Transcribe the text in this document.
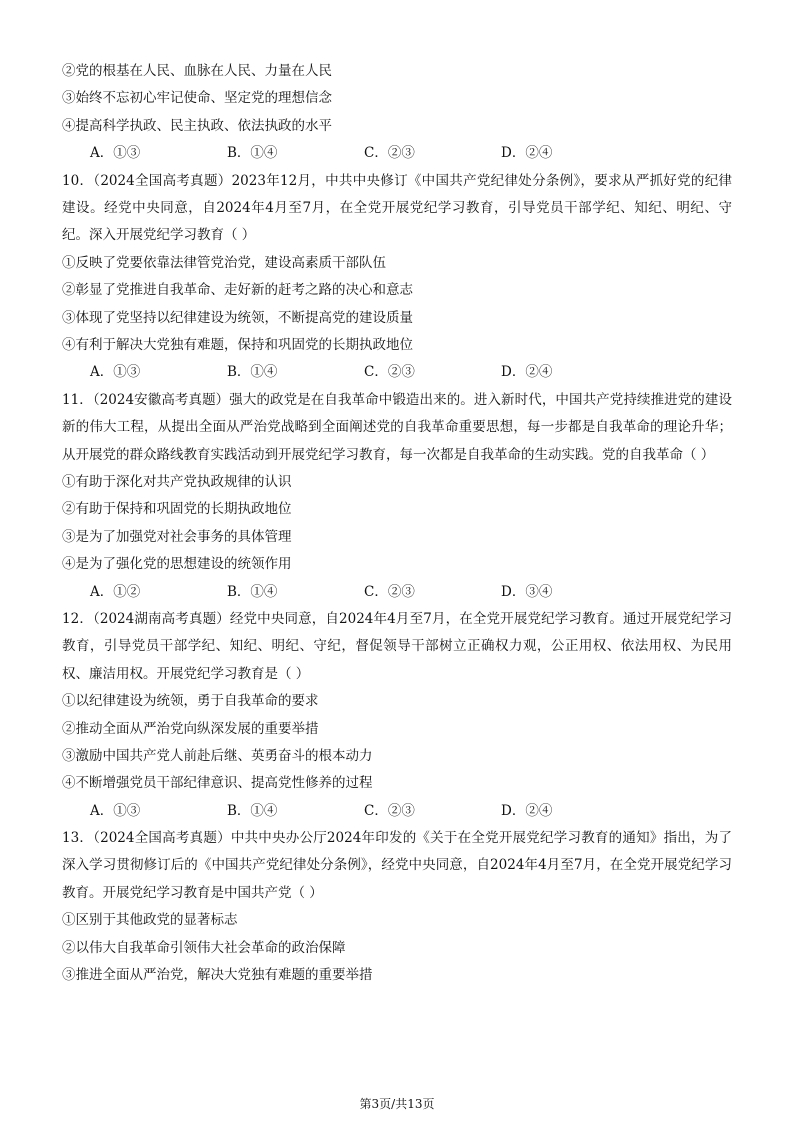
②党的根基在人民、血脉在人民、力量在人民
③始终不忘初心牢记使命、坚定党的理想信念
④提高科学执政、民主执政、依法执政的水平
A．①③	B．①④	C．②③	D．②④
10．（2024全国高考真题）2023年12月，中共中央修订《中国共产党纪律处分条例》，要求从严抓好党的纪律建设。经党中央同意，自2024年4月至7月，在全党开展党纪学习教育，引导党员干部学纪、知纪、明纪、守纪。深入开展党纪学习教育（ ）
①反映了党要依靠法律管党治党，建设高素质干部队伍
②彰显了党推进自我革命、走好新的赶考之路的决心和意志
③体现了党坚持以纪律建设为统领，不断提高党的建设质量
④有利于解决大党独有难题，保持和巩固党的长期执政地位
A．①③	B．①④	C．②③	D．②④
11．（2024安徽高考真题）强大的政党是在自我革命中锻造出来的。进入新时代，中国共产党持续推进党的建设新的伟大工程，从提出全面从严治党战略到全面阐述党的自我革命重要思想，每一步都是自我革命的理论升华；从开展党的群众路线教育实践活动到开展党纪学习教育，每一次都是自我革命的生动实践。党的自我革命（ ）
①有助于深化对共产党执政规律的认识
②有助于保持和巩固党的长期执政地位
③是为了加强党对社会事务的具体管理
④是为了强化党的思想建设的统领作用
A．①②	B．①④	C．②③	D．③④
12．（2024湖南高考真题）经党中央同意，自2024年4月至7月，在全党开展党纪学习教育。通过开展党纪学习教育，引导党员干部学纪、知纪、明纪、守纪，督促领导干部树立正确权力观，公正用权、依法用权、为民用权、廉洁用权。开展党纪学习教育是（ ）
①以纪律建设为统领，勇于自我革命的要求
②推动全面从严治党向纵深发展的重要举措
③激励中国共产党人前赴后继、英勇奋斗的根本动力
④不断增强党员干部纪律意识、提高党性修养的过程
A．①③	B．①④	C．②③	D．②④
13．（2024全国高考真题）中共中央办公厅2024年印发的《关于在全党开展党纪学习教育的通知》指出，为了深入学习贯彻修订后的《中国共产党纪律处分条例》，经党中央同意，自2024年4月至7月，在全党开展党纪学习教育。开展党纪学习教育是中国共产党（ ）
①区别于其他政党的显著标志
②以伟大自我革命引领伟大社会革命的政治保障
③推进全面从严治党，解决大党独有难题的重要举措
第3页/共13页
